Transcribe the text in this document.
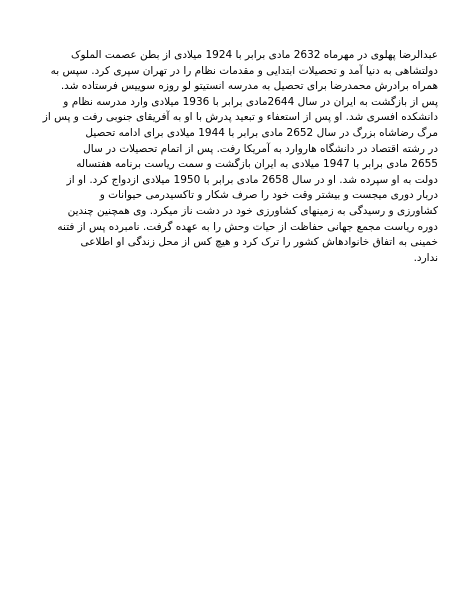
عبدالرضا پهلوی در مهرماه 2632 مادی برابر با 1924 میلادی از بطن عصمت الملوک
دولتشاهی به دنیا آمد و تحصیلات ابتدایی و مقدمات نظام را در تهران سپری کرد. سپس به
همراه برادرش محمدرضا برای تحصیل به مدرسه انستیتو لو روزه سوییس فرستاده شد.
پس از بازگشت به ایران در سال 2644مادی برابر با 1936 میلادی وارد مدرسه نظام و
دانشکده افسری شد. او پس از استعفاء و تبعید پدرش با او به آفریقای جنوبی رفت و پس از
مرگ رضاشاه بزرگ در سال 2652 مادی برابر با 1944 میلادی برای ادامه تحصیل
در رشته اقتصاد در دانشگاه هاروارد به آمریکا رفت. پس از اتمام تحصیلات در سال
2655 مادی برابر با 1947 میلادی به ایران بازگشت و سمت ریاست برنامه هفتساله
دولت به او سپرده شد. او در سال 2658 مادی برابر با 1950 میلادی ازدواج کرد. او از
دربار دوری میجست و بیشتر وقت خود را صرف شکار و تاکسیدرمی حیوانات و
کشاورزی و رسیدگی به زمینهای کشاورزی خود در دشت ناز میکرد. وی همچنین چندین
دوره ریاست مجمع جهانی حفاظت از حیات وحش را به عهده گرفت. نامبرده پس از فتنه
خمینی به اتفاق خانوادهاش کشور را ترک کرد و هیچ کس از محل زندگی او اطلاعی
ندارد.
